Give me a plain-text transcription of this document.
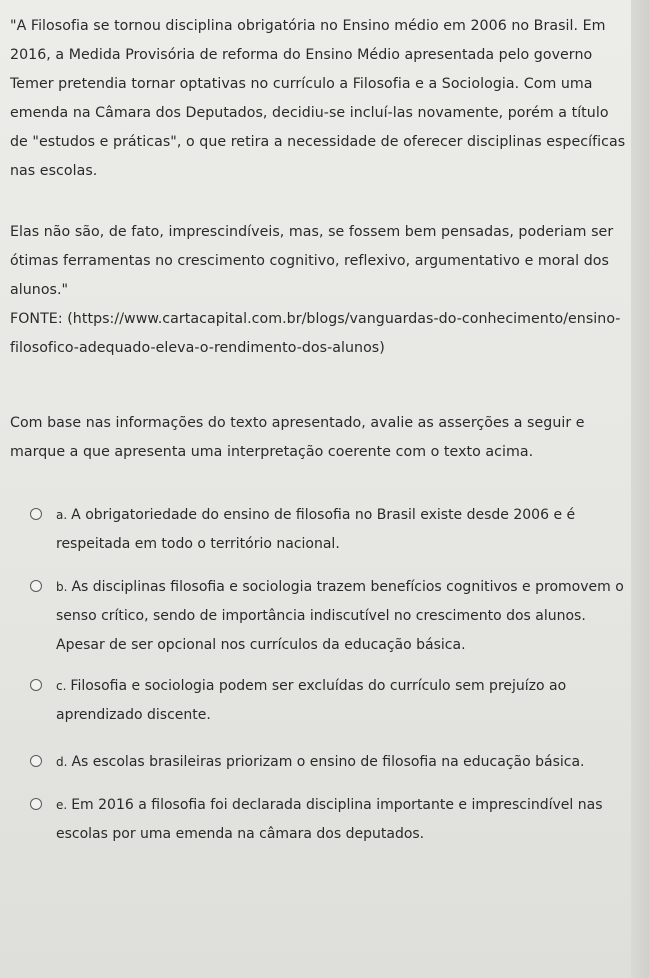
"A Filosofia se tornou disciplina obrigatória no Ensino médio em 2006 no Brasil. Em 2016, a Medida Provisória de reforma do Ensino Médio apresentada pelo governo Temer pretendia tornar optativas no currículo a Filosofia e a Sociologia. Com uma emenda na Câmara dos Deputados, decidiu-se incluí-las novamente, porém a título de "estudos e práticas", o que retira a necessidade de oferecer disciplinas específicas nas escolas.

Elas não são, de fato, imprescindíveis, mas, se fossem bem pensadas, poderiam ser ótimas ferramentas no crescimento cognitivo, reflexivo, argumentativo e moral dos alunos."

FONTE: (https://www.cartacapital.com.br/blogs/vanguardas-do-conhecimento/ensino-filosofico-adequado-eleva-o-rendimento-dos-alunos)

Com base nas informações do texto apresentado, avalie as asserções a seguir e marque a que apresenta uma interpretação coerente com o texto acima.

a. A obrigatoriedade do ensino de filosofia no Brasil existe desde 2006 e é respeitada em todo o território nacional.
b. As disciplinas filosofia e sociologia trazem benefícios cognitivos e promovem o senso crítico, sendo de importância indiscutível no crescimento dos alunos. Apesar de ser opcional nos currículos da educação básica.
c. Filosofia e sociologia podem ser excluídas do currículo sem prejuízo ao aprendizado discente.
d. As escolas brasileiras priorizam o ensino de filosofia na educação básica.
e. Em 2016 a filosofia foi declarada disciplina importante e imprescindível nas escolas por uma emenda na câmara dos deputados.
